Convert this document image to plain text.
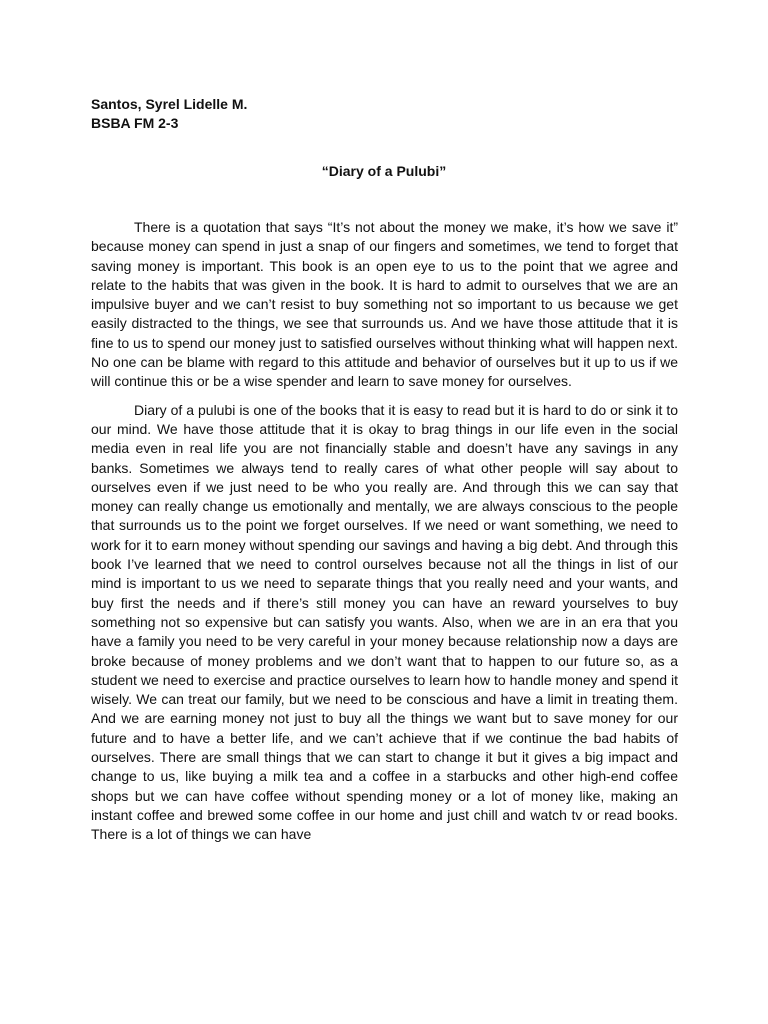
Santos, Syrel Lidelle M.
BSBA FM 2-3
“Diary of a Pulubi”

There is a quotation that says “It’s not about the money we make, it’s how we save it” because money can spend in just a snap of our fingers and sometimes, we tend to forget that saving money is important. This book is an open eye to us to the point that we agree and relate to the habits that was given in the book. It is hard to admit to ourselves that we are an impulsive buyer and we can’t resist to buy something not so important to us because we get easily distracted to the things, we see that surrounds us. And we have those attitude that it is fine to us to spend our money just to satisfied ourselves without thinking what will happen next. No one can be blame with regard to this attitude and behavior of ourselves but it up to us if we will continue this or be a wise spender and learn to save money for ourselves.

Diary of a pulubi is one of the books that it is easy to read but it is hard to do or sink it to our mind. We have those attitude that it is okay to brag things in our life even in the social media even in real life you are not financially stable and doesn’t have any savings in any banks. Sometimes we always tend to really cares of what other people will say about to ourselves even if we just need to be who you really are. And through this we can say that money can really change us emotionally and mentally, we are always conscious to the people that surrounds us to the point we forget ourselves. If we need or want something, we need to work for it to earn money without spending our savings and having a big debt. And through this book I’ve learned that we need to control ourselves because not all the things in list of our mind is important to us we need to separate things that you really need and your wants, and buy first the needs and if there’s still money you can have an reward yourselves to buy something not so expensive but can satisfy you wants. Also, when we are in an era that you have a family you need to be very careful in your money because relationship now a days are broke because of money problems and we don’t want that to happen to our future so, as a student we need to exercise and practice ourselves to learn how to handle money and spend it wisely. We can treat our family, but we need to be conscious and have a limit in treating them. And we are earning money not just to buy all the things we want but to save money for our future and to have a better life, and we can’t achieve that if we continue the bad habits of ourselves. There are small things that we can start to change it but it gives a big impact and change to us, like buying a milk tea and a coffee in a starbucks and other high-end coffee shops but we can have coffee without spending money or a lot of money like, making an instant coffee and brewed some coffee in our home and just chill and watch tv or read books. There is a lot of things we can have
